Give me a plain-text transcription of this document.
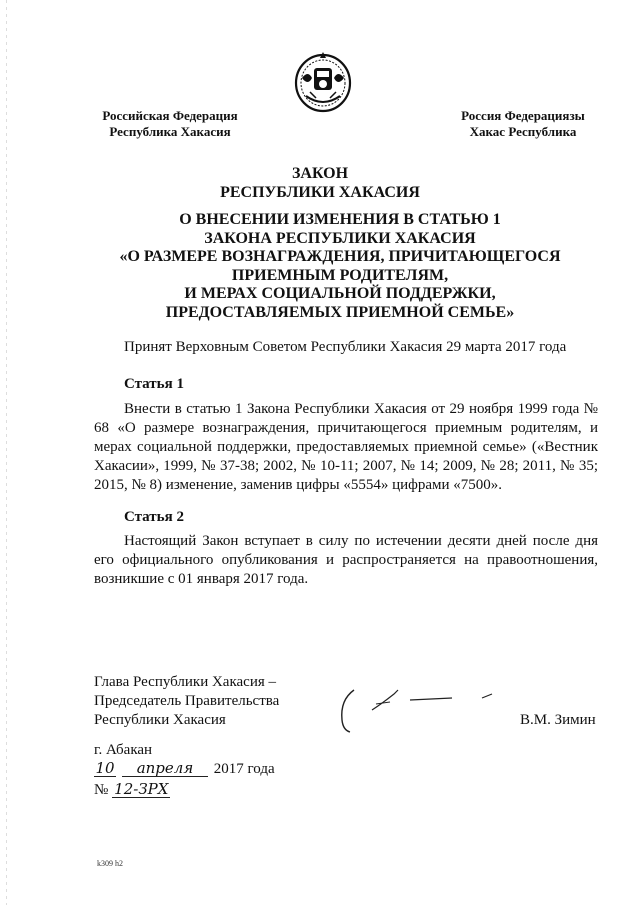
Российская Федерация
Республика Хакасия
Россия Федерациязы
Хакас Республика
ЗАКОН
РЕСПУБЛИКИ ХАКАСИЯ
О ВНЕСЕНИИ ИЗМЕНЕНИЯ В СТАТЬЮ 1
ЗАКОНА РЕСПУБЛИКИ ХАКАСИЯ
«О РАЗМЕРЕ ВОЗНАГРАЖДЕНИЯ, ПРИЧИТАЮЩЕГОСЯ
ПРИЕМНЫМ РОДИТЕЛЯМ,
И МЕРАХ СОЦИАЛЬНОЙ ПОДДЕРЖКИ,
ПРЕДОСТАВЛЯЕМЫХ ПРИЕМНОЙ СЕМЬЕ»
Принят Верховным Советом Республики Хакасия 29 марта 2017 года
Статья 1
Внести в статью 1 Закона Республики Хакасия от 29 ноября 1999 года № 68 «О размере вознаграждения, причитающегося приемным родителям, и мерах социальной поддержки, предоставляемых приемной семье» («Вестник Хакасии», 1999, № 37-38; 2002, № 10-11; 2007, № 14; 2009, № 28; 2011, № 35; 2015, № 8) изменение, заменив цифры «5554» цифрами «7500».
Статья 2
Настоящий Закон вступает в силу по истечении десяти дней после дня его официального опубликования и распространяется на правоотношения, возникшие с 01 января 2017 года.
Глава Республики Хакасия –
Председатель Правительства
Республики Хакасия	В.М. Зимин
г. Абакан
10 апреля 2017 года
№ 12-ЗРХ
k309 h2
